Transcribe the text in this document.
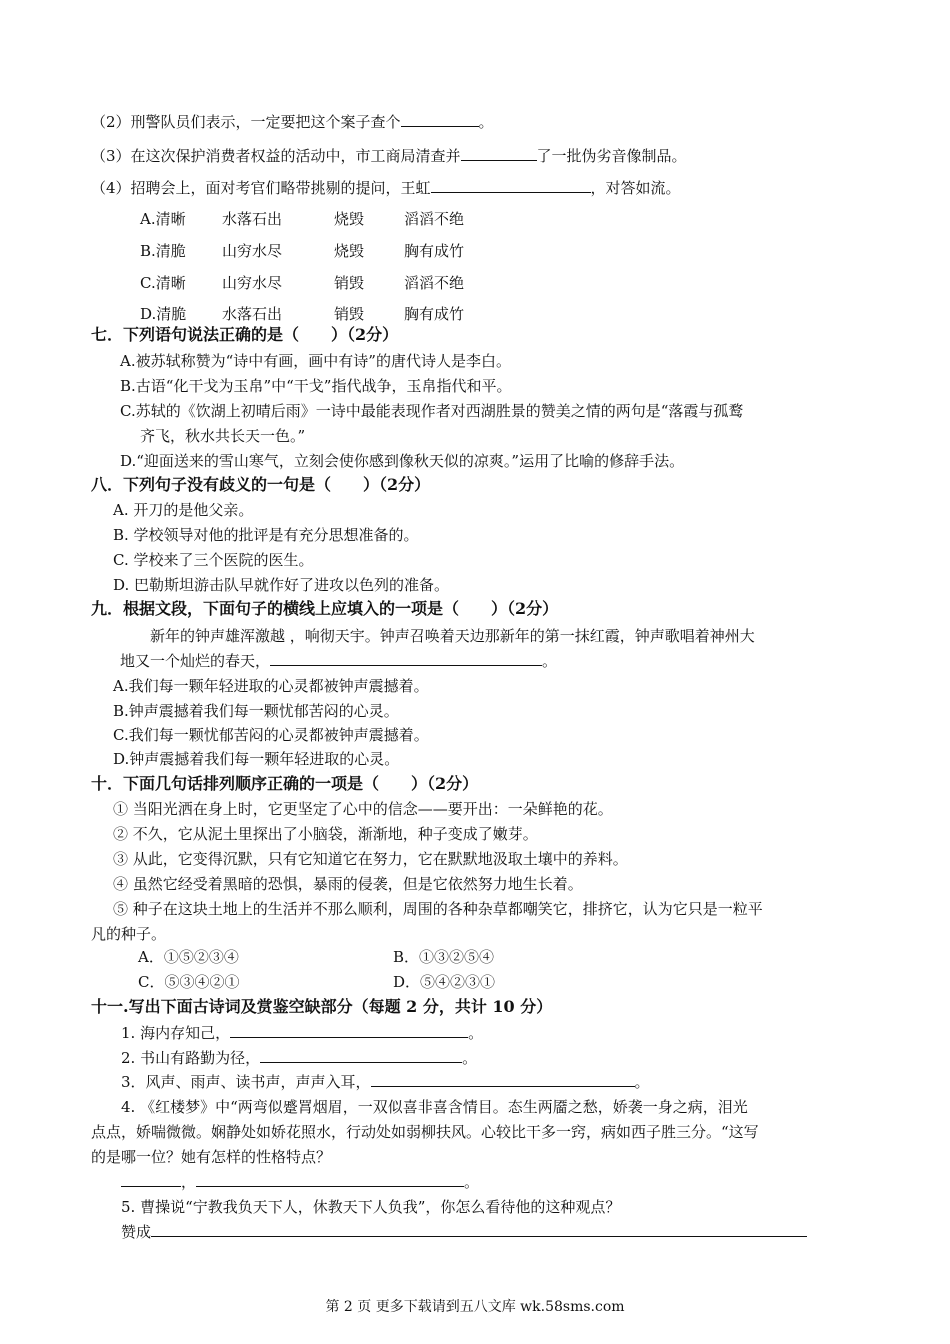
（2）刑警队员们表示，一定要把这个案子查个	。
（3）在这次保护消费者权益的活动中，市工商局清查并	了一批伪劣音像制品。
（4）招聘会上，面对考官们略带挑剔的提问，王虹	，对答如流。
A.清晰 水落石出	烧毁	滔滔不绝
B.清脆 山穷水尽	烧毁	胸有成竹
C.清晰 山穷水尽	销毁	滔滔不绝
D.清脆 水落石出	销毁	胸有成竹
七．下列语句说法正确的是（　　）（2分）
A.被苏轼称赞为“诗中有画，画中有诗”的唐代诗人是李白。
B.古语“化干戈为玉帛”中“干戈”指代战争，玉帛指代和平。
C.苏轼的《饮湖上初晴后雨》一诗中最能表现作者对西湖胜景的赞美之情的两句是“落霞与孤鹜
齐飞，秋水共长天一色。”
D.“迎面送来的雪山寒气，立刻会使你感到像秋天似的凉爽。”运用了比喻的修辞手法。
八．下列句子没有歧义的一句是（　　）（2分）
A. 开刀的是他父亲。
B. 学校领导对他的批评是有充分思想准备的。
C. 学校来了三个医院的医生。
D. 巴勒斯坦游击队早就作好了进攻以色列的准备。
九．根据文段，下面句子的横线上应填入的一项是（　　）（2分）
新年的钟声雄浑激越 ，响彻天宇。钟声召唤着天边那新年的第一抹红霞，钟声歌唱着神州大
地又一个灿烂的春天，	。
A.我们每一颗年轻进取的心灵都被钟声震撼着。
B.钟声震撼着我们每一颗忧郁苦闷的心灵。
C.我们每一颗忧郁苦闷的心灵都被钟声震撼着。
D.钟声震撼着我们每一颗年轻进取的心灵。
十．下面几句话排列顺序正确的一项是（　　）（2分）
① 当阳光洒在身上时，它更坚定了心中的信念——要开出：一朵鲜艳的花。
② 不久，它从泥土里探出了小脑袋，渐渐地，种子变成了嫩芽。
③ 从此，它变得沉默，只有它知道它在努力，它在默默地汲取土壤中的养料。
④ 虽然它经受着黑暗的恐惧，暴雨的侵袭，但是它依然努力地生长着。
⑤ 种子在这块土地上的生活并不那么顺利，周围的各种杂草都嘲笑它，排挤它，认为它只是一粒平
凡的种子。
A．①⑤②③④	B．①③②⑤④
C．⑤③④②①	D．⑤④②③①
十一.写出下面古诗词及赏鉴空缺部分（每题 2 分，共计 10 分）
1. 海内存知己，	。
2. 书山有路勤为径，	。
3．风声、雨声、读书声，声声入耳，	。
4. 《红楼梦》中“两弯似蹙罥烟眉，一双似喜非喜含情目。态生两靥之愁，娇袭一身之病，泪光
点点，娇喘微微。娴静处如娇花照水，行动处如弱柳扶风。心较比干多一窍，病如西子胜三分。“这写
的是哪一位？她有怎样的性格特点？
，	。
5. 曹操说“宁教我负天下人，休教天下人负我”，你怎么看待他的这种观点？
赞成
第 2 页 更多下载请到五八文库 wk.58sms.com
